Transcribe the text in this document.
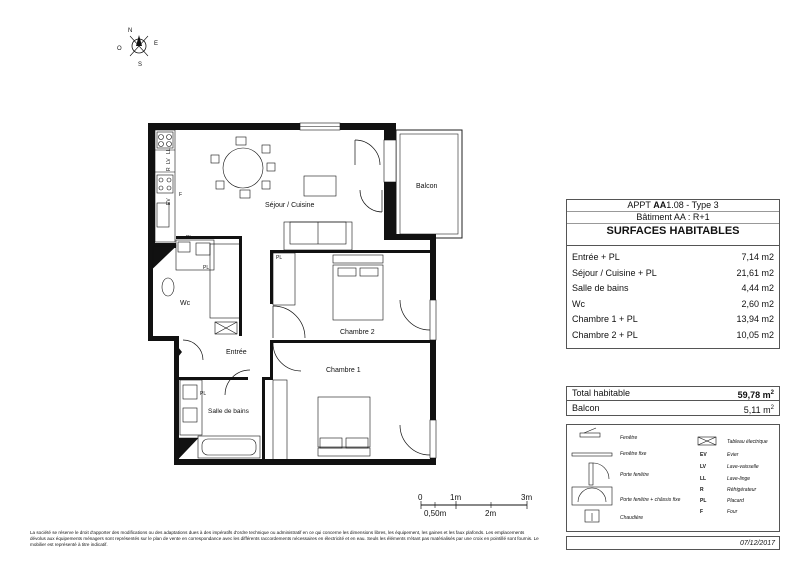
N
E
O
S
LV
LL
R
EV
F
PL
PL
PL
PL
Séjour / Cuisine
Balcon
Wc
Chambre 2
Entrée
Chambre 1
Salle de bains
0	1m	3m
0,50m	2m
APPT AA1.08 - Type 3
Bâtiment AA : R+1
SURFACES HABITABLES
Entrée + PL	7,14 m2
Séjour / Cuisine + PL	21,61 m2
Salle de bains	4,44 m2
Wc	2,60 m2
Chambre 1 + PL	13,94 m2
Chambre 2 + PL	10,05 m2
Total habitable	59,78 $m^2$
Balcon	5,11 $m^2$
Fenêtre
Fenêtre fixe
Porte fenêtre
Porte fenêtre + châssis fixe
Chaudière
Tableau électrique
EV	Evier
LV	Lave-vaisselle
LL	Lave-linge
R	Réfrigérateur
PL	Placard
F	Four
07/12/2017
La société se réserve le droit d'apporter des modifications ou des adaptations dues à des impératifs d'ordre technique ou administratif en ce qui concerne les dimensions libres, les équipement, les gaines et les faux plafonds. Les emplacements dévolus aux équipements ménagers sont représentés sur le plan de vente en correspondance avec les différents raccordements nécessaires en électricité et en eau. Seuls les éléments n'étant pas matérialisés par une croix en pointillé sont fournis. Le mobilier est représenté à titre indicatif.
